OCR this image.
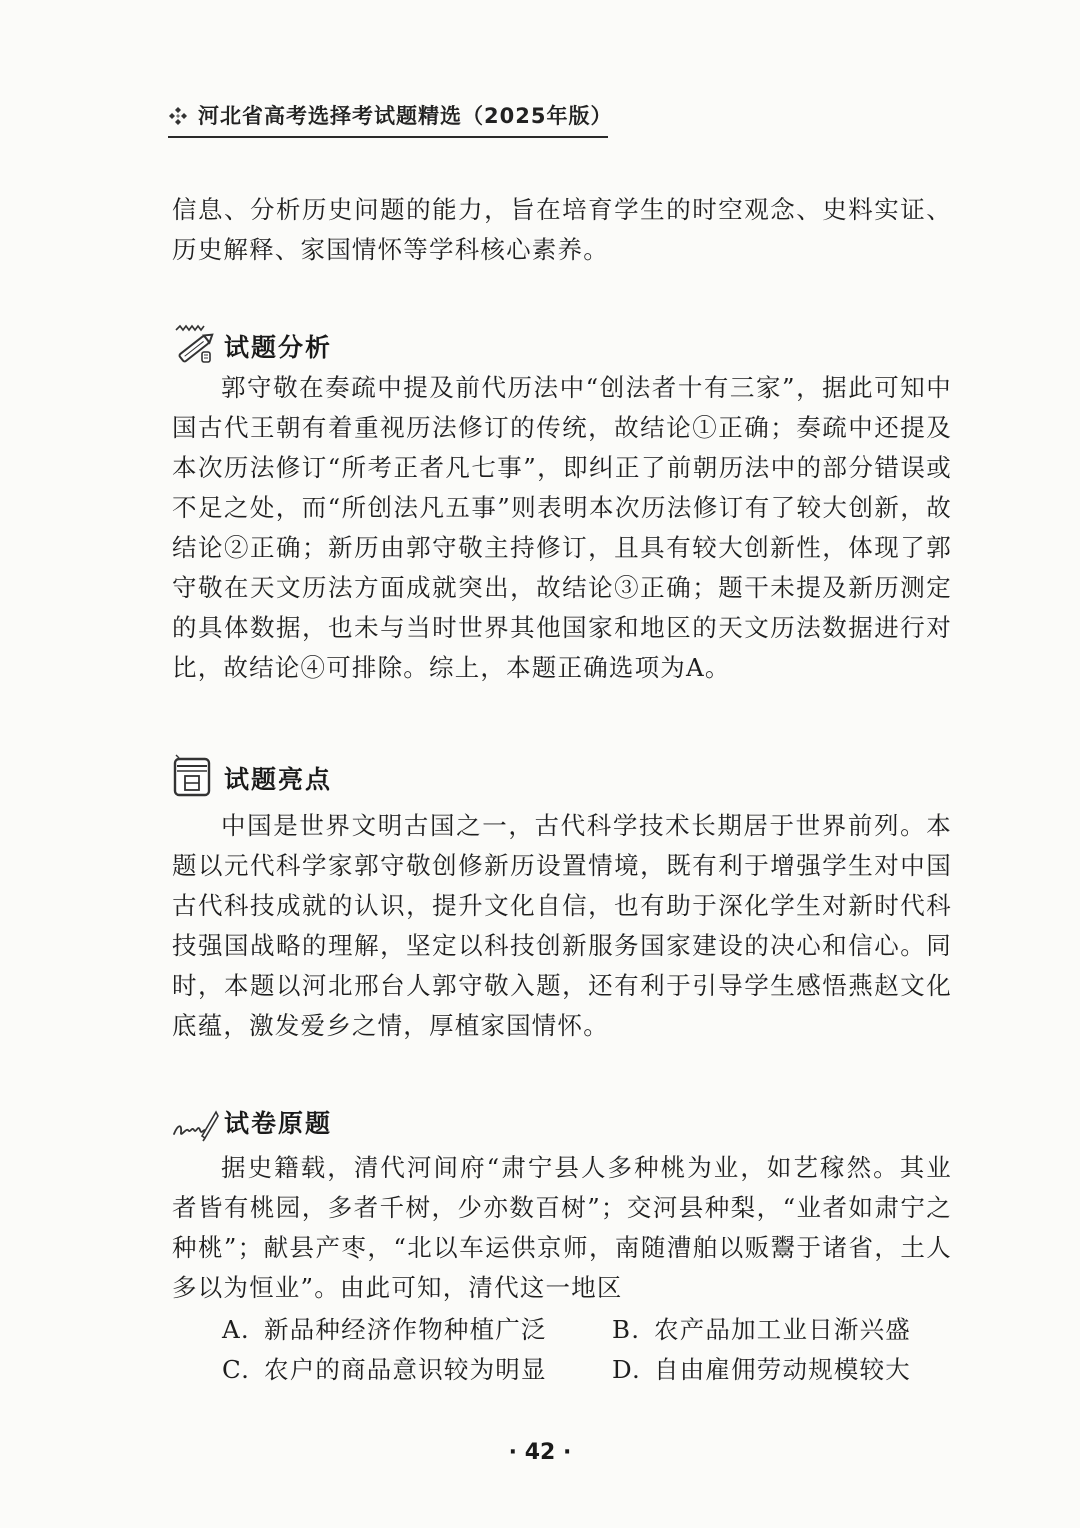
河北省高考选择考试题精选（2025年版）
信息、分析历史问题的能力，旨在培育学生的时空观念、史料实证、历史解释、家国情怀等学科核心素养。
试题分析
郭守敬在奏疏中提及前代历法中“创法者十有三家”，据此可知中国古代王朝有着重视历法修订的传统，故结论①正确；奏疏中还提及本次历法修订“所考正者凡七事”，即纠正了前朝历法中的部分错误或不足之处，而“所创法凡五事”则表明本次历法修订有了较大创新，故结论②正确；新历由郭守敬主持修订，且具有较大创新性，体现了郭守敬在天文历法方面成就突出，故结论③正确；题干未提及新历测定的具体数据，也未与当时世界其他国家和地区的天文历法数据进行对比，故结论④可排除。综上，本题正确选项为A。
试题亮点
中国是世界文明古国之一，古代科学技术长期居于世界前列。本题以元代科学家郭守敬创修新历设置情境，既有利于增强学生对中国古代科技成就的认识，提升文化自信，也有助于深化学生对新时代科技强国战略的理解，坚定以科技创新服务国家建设的决心和信心。同时，本题以河北邢台人郭守敬入题，还有利于引导学生感悟燕赵文化底蕴，激发爱乡之情，厚植家国情怀。
试卷原题
据史籍载，清代河间府“肃宁县人多种桃为业，如艺稼然。其业者皆有桃园，多者千树，少亦数百树”；交河县种梨，“业者如肃宁之种桃”；献县产枣，“北以车运供京师，南随漕舶以贩鬻于诸省，土人多以为恒业”。由此可知，清代这一地区
A. 新品种经济作物种植广泛	B. 农产品加工业日渐兴盛
C. 农户的商品意识较为明显	D. 自由雇佣劳动规模较大
· 42 ·
